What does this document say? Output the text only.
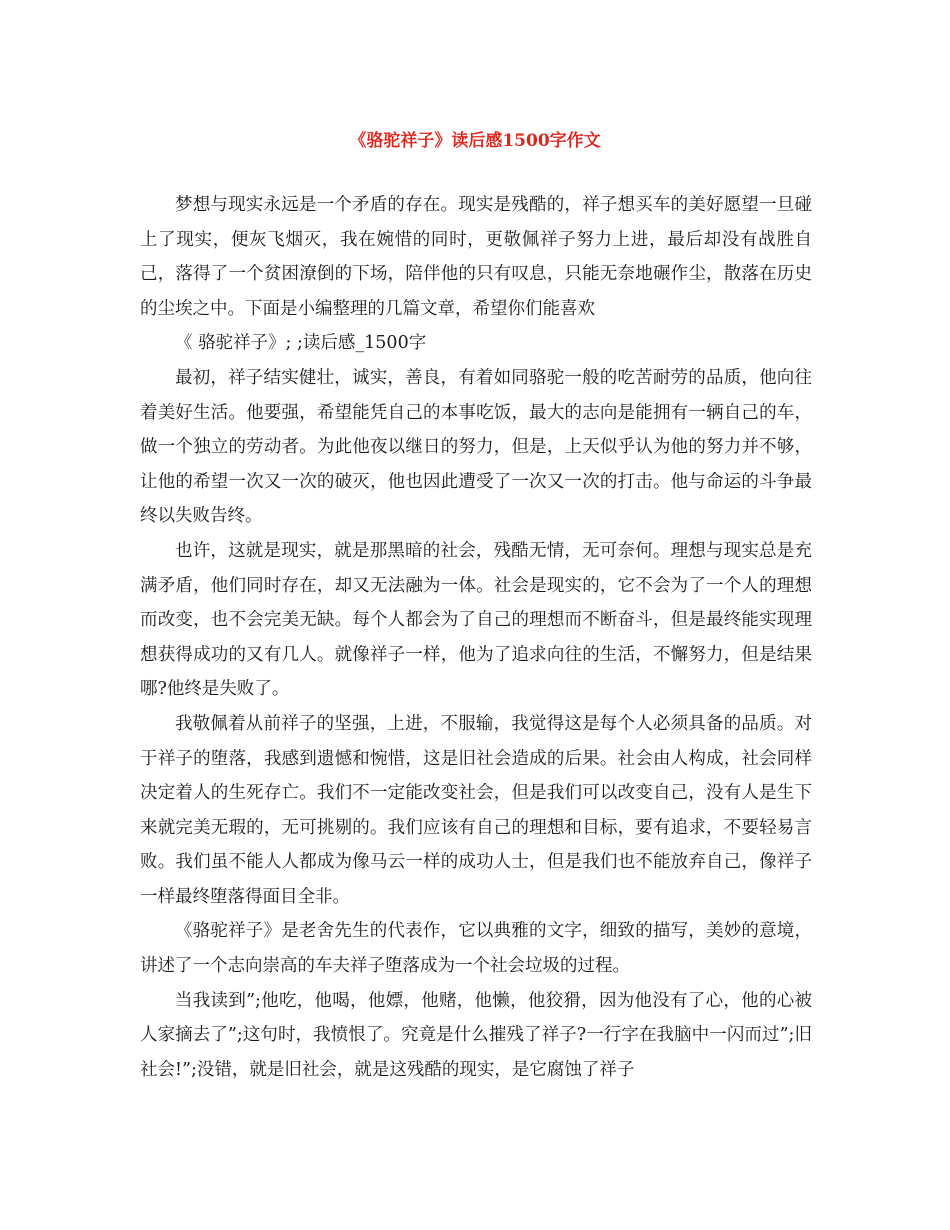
《骆驼祥子》读后感1500字作文

梦想与现实永远是一个矛盾的存在。现实是残酷的，祥子想买车的美好愿望一旦碰上了现实，便灰飞烟灭，我在婉惜的同时，更敬佩祥子努力上进，最后却没有战胜自己，落得了一个贫困潦倒的下场，陪伴他的只有叹息，只能无奈地碾作尘，散落在历史的尘埃之中。下面是小编整理的几篇文章，希望你们能喜欢

《 骆驼祥子》; ;读后感_1500字

最初，祥子结实健壮，诚实，善良，有着如同骆驼一般的吃苦耐劳的品质，他向往着美好生活。他要强，希望能凭自己的本事吃饭，最大的志向是能拥有一辆自己的车，做一个独立的劳动者。为此他夜以继日的努力，但是，上天似乎认为他的努力并不够，让他的希望一次又一次的破灭，他也因此遭受了一次又一次的打击。他与命运的斗争最终以失败告终。

也许，这就是现实，就是那黑暗的社会，残酷无情，无可奈何。理想与现实总是充满矛盾，他们同时存在，却又无法融为一体。社会是现实的，它不会为了一个人的理想而改变，也不会完美无缺。每个人都会为了自己的理想而不断奋斗，但是最终能实现理想获得成功的又有几人。就像祥子一样，他为了追求向往的生活，不懈努力，但是结果哪?他终是失败了。

我敬佩着从前祥子的坚强，上进，不服输，我觉得这是每个人必须具备的品质。对于祥子的堕落，我感到遗憾和惋惜，这是旧社会造成的后果。社会由人构成，社会同样决定着人的生死存亡。我们不一定能改变社会，但是我们可以改变自己，没有人是生下来就完美无瑕的，无可挑剔的。我们应该有自己的理想和目标，要有追求，不要轻易言败。我们虽不能人人都成为像马云一样的成功人士，但是我们也不能放弃自己，像祥子一样最终堕落得面目全非。

《骆驼祥子》是老舍先生的代表作，它以典雅的文字，细致的描写，美妙的意境，讲述了一个志向崇高的车夫祥子堕落成为一个社会垃圾的过程。

当我读到”;他吃，他喝，他嫖，他赌，他懒，他狡猾，因为他没有了心，他的心被人家摘去了”;这句时，我愤恨了。究竟是什么摧残了祥子?一行字在我脑中一闪而过”;旧社会!”;没错，就是旧社会，就是这残酷的现实，是它腐蚀了祥子
